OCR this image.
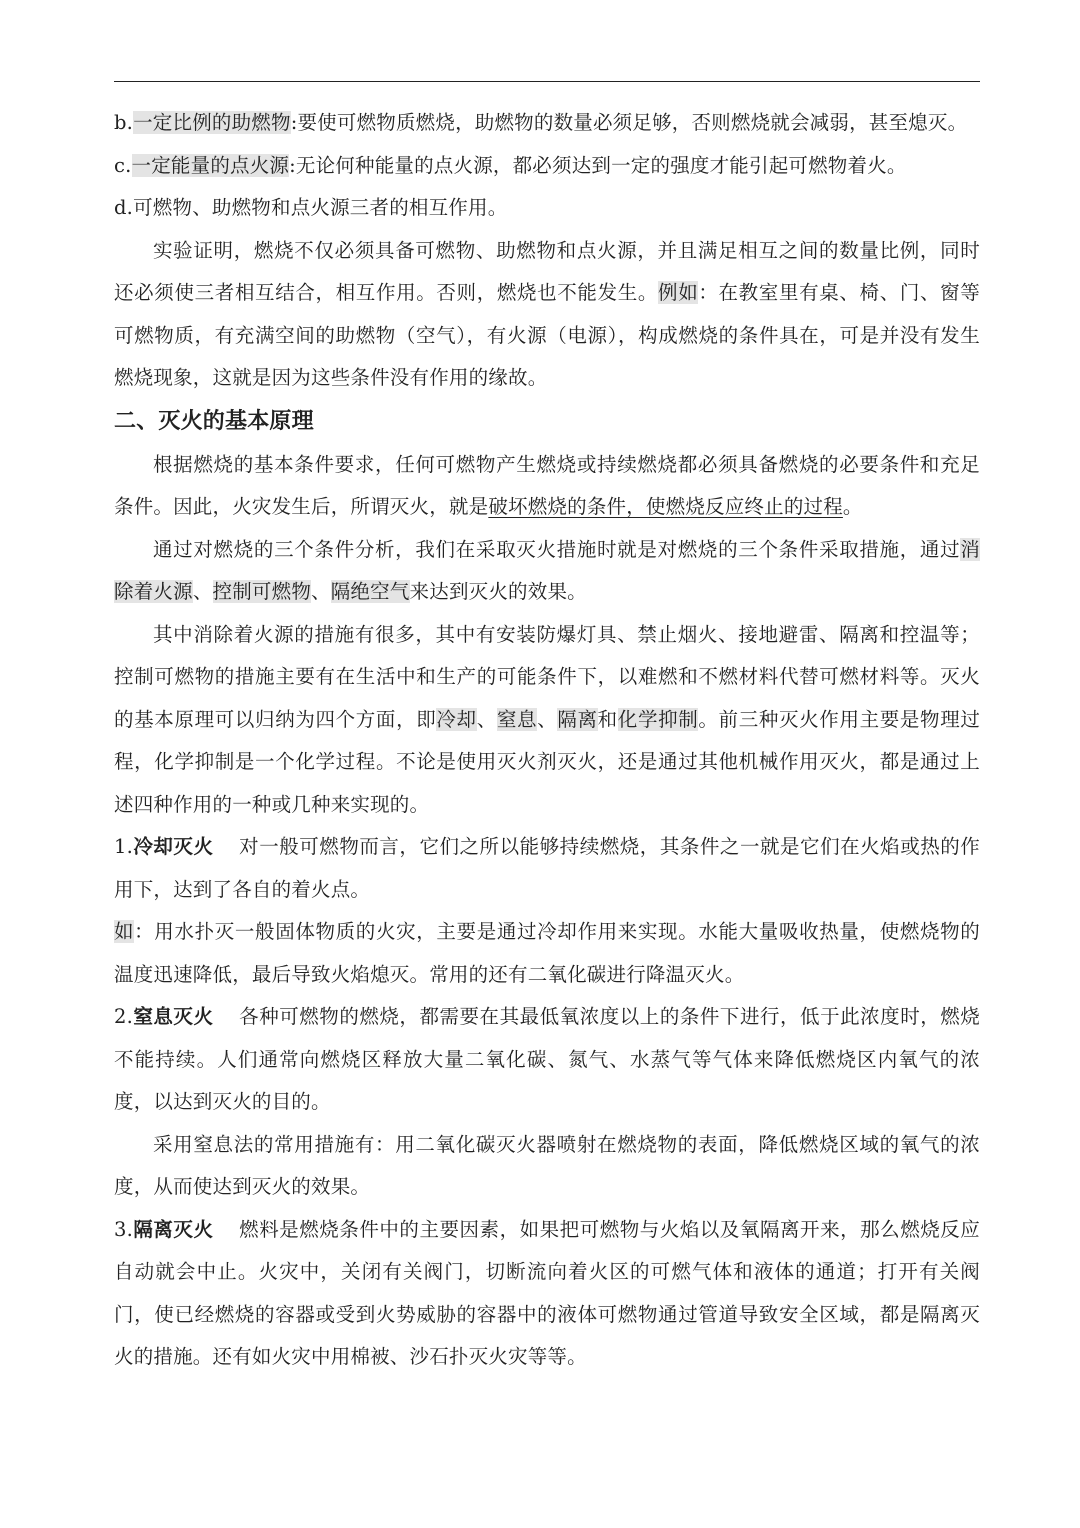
b.一定比例的助燃物:要使可燃物质燃烧，助燃物的数量必须足够，否则燃烧就会减弱，甚至熄灭。

c.一定能量的点火源:无论何种能量的点火源，都必须达到一定的强度才能引起可燃物着火。

d.可燃物、助燃物和点火源三者的相互作用。

实验证明，燃烧不仅必须具备可燃物、助燃物和点火源，并且满足相互之间的数量比例，同时还必须使三者相互结合，相互作用。否则，燃烧也不能发生。例如：在教室里有桌、椅、门、窗等可燃物质，有充满空间的助燃物（空气），有火源（电源），构成燃烧的条件具在，可是并没有发生燃烧现象，这就是因为这些条件没有作用的缘故。

二、灭火的基本原理

根据燃烧的基本条件要求，任何可燃物产生燃烧或持续燃烧都必须具备燃烧的必要条件和充足条件。因此，火灾发生后，所谓灭火，就是破坏燃烧的条件，使燃烧反应终止的过程。

通过对燃烧的三个条件分析，我们在采取灭火措施时就是对燃烧的三个条件采取措施，通过消除着火源、控制可燃物、隔绝空气来达到灭火的效果。

其中消除着火源的措施有很多，其中有安装防爆灯具、禁止烟火、接地避雷、隔离和控温等；控制可燃物的措施主要有在生活中和生产的可能条件下，以难燃和不燃材料代替可燃材料等。灭火的基本原理可以归纳为四个方面，即冷却、窒息、隔离和化学抑制。前三种灭火作用主要是物理过程，化学抑制是一个化学过程。不论是使用灭火剂灭火，还是通过其他机械作用灭火，都是通过上述四种作用的一种或几种来实现的。

1.冷却灭火 对一般可燃物而言，它们之所以能够持续燃烧，其条件之一就是它们在火焰或热的作用下，达到了各自的着火点。

如：用水扑灭一般固体物质的火灾，主要是通过冷却作用来实现。水能大量吸收热量，使燃烧物的温度迅速降低，最后导致火焰熄灭。常用的还有二氧化碳进行降温灭火。

2.窒息灭火 各种可燃物的燃烧，都需要在其最低氧浓度以上的条件下进行，低于此浓度时，燃烧不能持续。人们通常向燃烧区释放大量二氧化碳、氮气、水蒸气等气体来降低燃烧区内氧气的浓度，以达到灭火的目的。

采用窒息法的常用措施有：用二氧化碳灭火器喷射在燃烧物的表面，降低燃烧区域的氧气的浓度，从而使达到灭火的效果。

3.隔离灭火 燃料是燃烧条件中的主要因素，如果把可燃物与火焰以及氧隔离开来，那么燃烧反应自动就会中止。火灾中，关闭有关阀门，切断流向着火区的可燃气体和液体的通道；打开有关阀门，使已经燃烧的容器或受到火势威胁的容器中的液体可燃物通过管道导致安全区域，都是隔离灭火的措施。还有如火灾中用棉被、沙石扑灭火灾等等。
